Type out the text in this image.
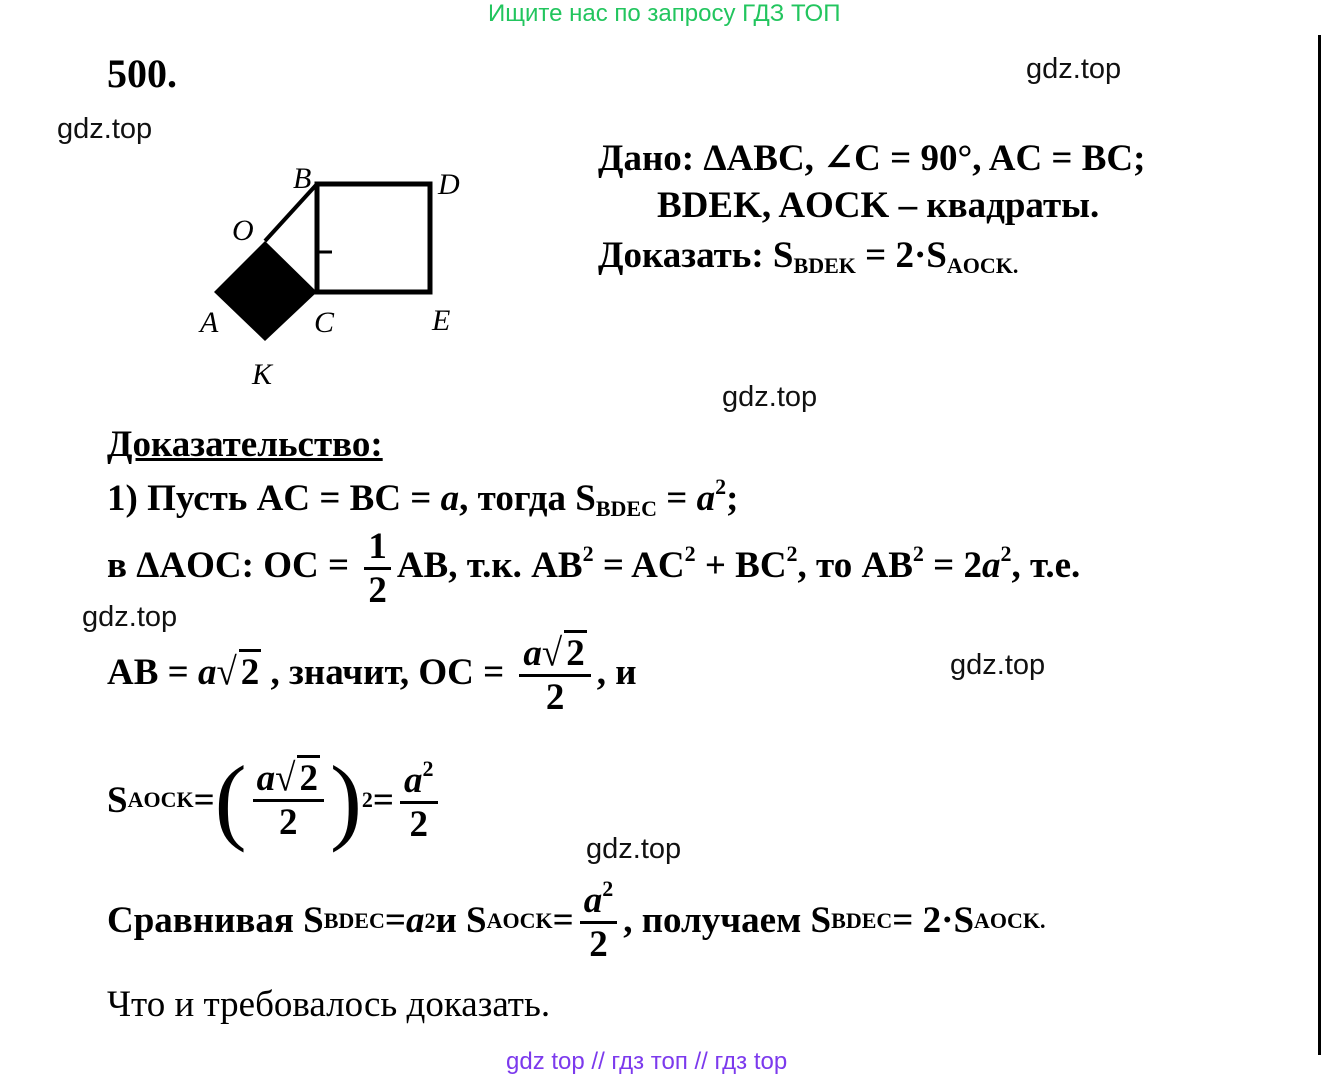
Ищите нас по запросу ГДЗ ТОП
gdz.top
gdz.top
gdz.top
gdz.top
gdz.top
gdz.top
500.
B	D
O
A	C	E
K
Дано: ΔABC, ∠C = 90°, AC = BC;
BDEK, AOCK – квадраты.
Доказать: $S_{BDEK} = 2\cdot S_{AOCK.}$
Доказательство:
1) Пусть AC = BC = a, тогда $S_{BDEC} = a^2$;
в ΔAOC: OC = $\frac{1}{2}$ AB, т.к. $AB^2 = AC^2 + BC^2$, то $AB^2 = 2a^2$, т.е.
AB = a√ 2 , значит, OC = $\frac{a√ 2}{2}$ , и
S AOCK = ( $\frac{a√ 2}{2}$ ) $2 = \frac{a^2}{2}$
Сравнивая S BDEC = a 2 и S AOCK = $\frac{a^2}{2}$ , получаем S BDEC = 2·S AOCK.
Что и требовалось доказать.
gdz top // гдз топ // гдз top
